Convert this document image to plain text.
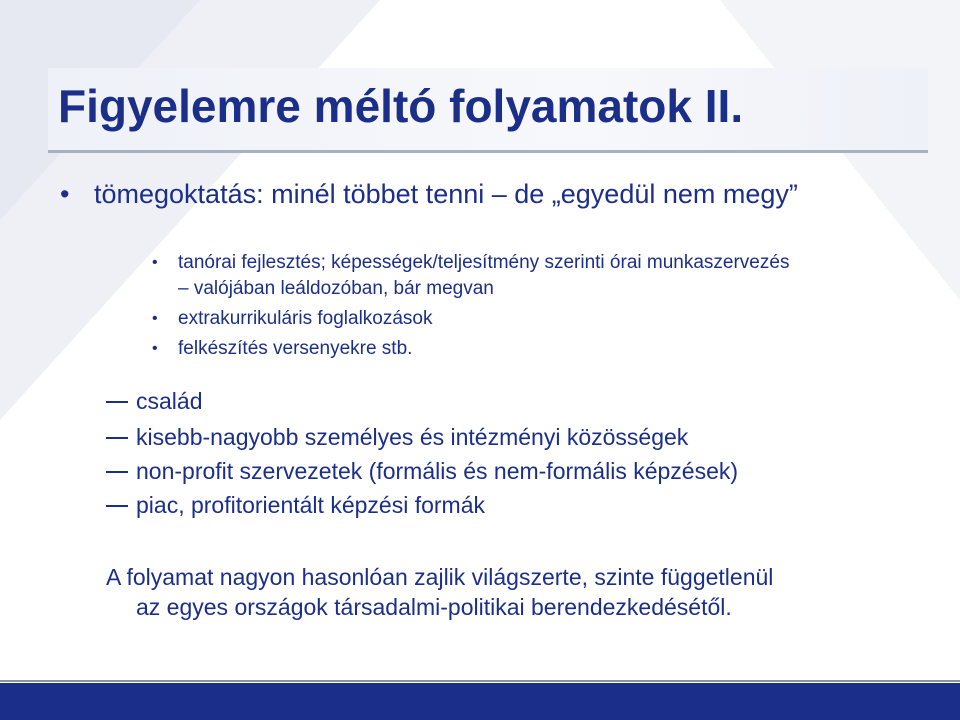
Figyelemre méltó folyamatok II.
• tömegoktatás: minél többet tenni – de „egyedül nem megy”
•	tanórai fejlesztés; képességek/teljesítmény szerinti órai munkaszervezés – valójában leáldozóban, bár megvan
•	extrakurrikuláris foglalkozások
•	felkészítés versenyekre stb.
család
kisebb-nagyobb személyes és intézményi közösségek
non-profit szervezetek (formális és nem-formális képzések)
piac, profitorientált képzési formák
A folyamat nagyon hasonlóan zajlik világszerte, szinte függetlenül
az egyes országok társadalmi-politikai berendezkedésétől.
